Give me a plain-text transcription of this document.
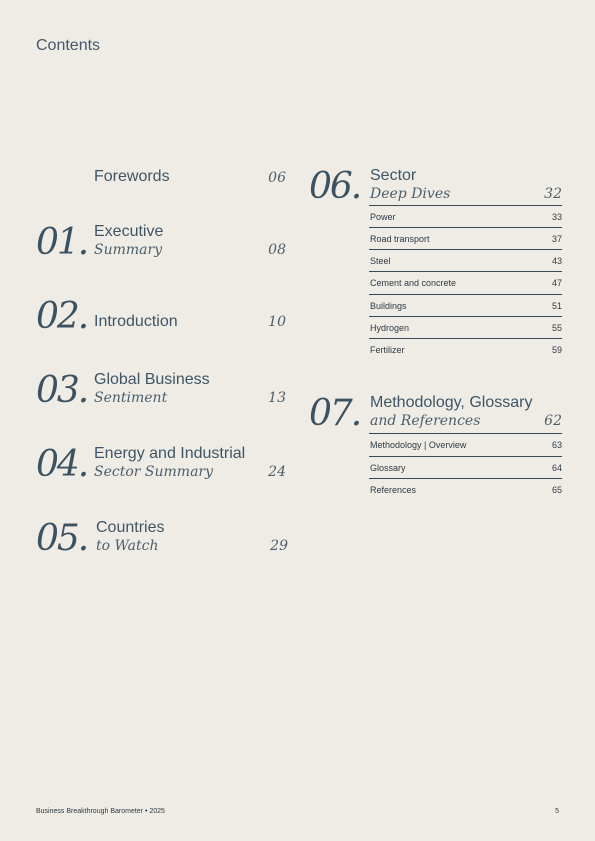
Contents
Forewords	06
01. Executive
Summary	08
02. Introduction	10
03. Global Business
Sentiment	13
04. Energy and Industrial
Sector Summary	24
05. Countries
to Watch	29
06. Sector
Deep Dives	32
Power	33
Road transport	37
Steel	43
Cement and concrete	47
Buildings	51
Hydrogen	55
Fertilizer	59
07. Methodology, Glossary
and References	62
Methodology | Overview	63
Glossary	64
References	65
Business Breakthrough Barometer • 2025	5
